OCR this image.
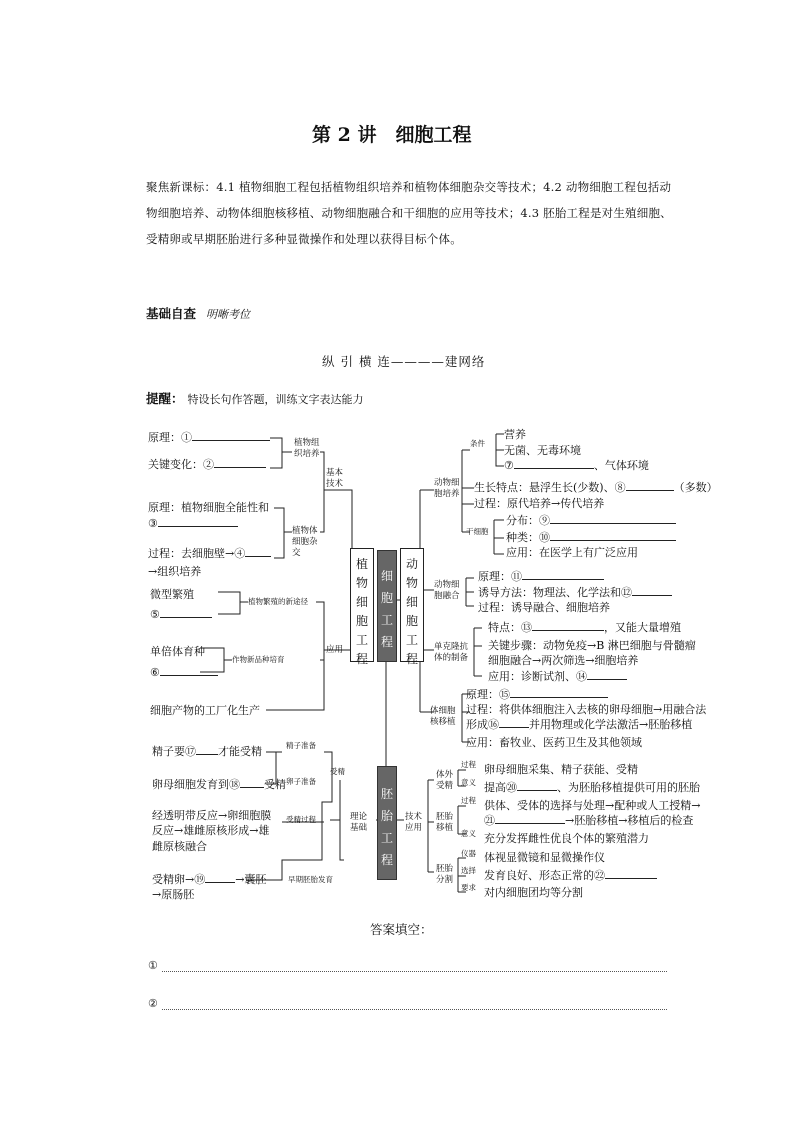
第 2 讲　细胞工程
聚焦新课标：4.1 植物细胞工程包括植物组织培养和植物体细胞杂交等技术；4.2 动物细胞工程包括动物细胞培养、动物体细胞核移植、动物细胞融合和干细胞的应用等技术；4.3 胚胎工程是对生殖细胞、受精卵或早期胚胎进行多种显微操作和处理以获得目标个体。
基础自查 明晰考位
纵 引 横 连————建网络
提醒： 特设长句作答题，训练文字表达能力
原理：①
关键变化：②
植物组织培养
原理：植物细胞全能性和
③
过程：去细胞壁→④
→组织培养
植物体细胞杂交
基本技术
微型繁殖
⑤
植物繁殖的新途径
单倍体育种
⑥
作物新品种培育
细胞产物的工厂化生产
应用
植
物
细
胞
工
程
细
胞
工
程
动
物
细
胞
工
程
胚
胎
工
程
条件
营养
无菌、无毒环境
⑦	、气体环境
动物细胞培养 生长特点：悬浮生长(少数)、⑧	（多数）
过程：原代培养→传代培养
干细胞
分布：⑨
种类：⑩
应用：在医学上有广泛应用
动物细胞融合
原理：⑪
诱导方法：物理法、化学法和⑫
过程：诱导融合、细胞培养
单克隆抗体的制备
特点：⑬	，又能大量增殖
关键步骤：动物免疫→B 淋巴细胞与骨髓瘤
细胞融合→两次筛选→细胞培养
应用：诊断试剂、⑭
体细胞核移植
原理：⑮
过程：将供体细胞注入去核的卵母细胞→用融合法
形成⑯	并用物理或化学法激活→胚胎移植
应用：畜牧业、医药卫生及其他领域
精子要⑰ 才能受精	精子准备
卵母细胞发育到⑱ 受精 卵子准备
受精
经透明带反应→卵细胞膜
反应→雄雌原核形成→雄
雌原核融合
受精过程
受精卵→⑲	→囊胚
→原肠胚
早期胚胎发育
理论基础
技术应用
体外受精
过程 卵母细胞采集、精子获能、受精
意义 提高⑳	、为胚胎移植提供可用的胚胎
胚胎移植
过程 供体、受体的选择与处理→配种或人工授精→
㉑	→胚胎移植→移植后的检查
意义 充分发挥雌性优良个体的繁殖潜力
胚胎分割
仪器 体视显微镜和显微操作仪
选择 发育良好、形态正常的㉒
要求 对内细胞团均等分割
答案填空：
①
②
